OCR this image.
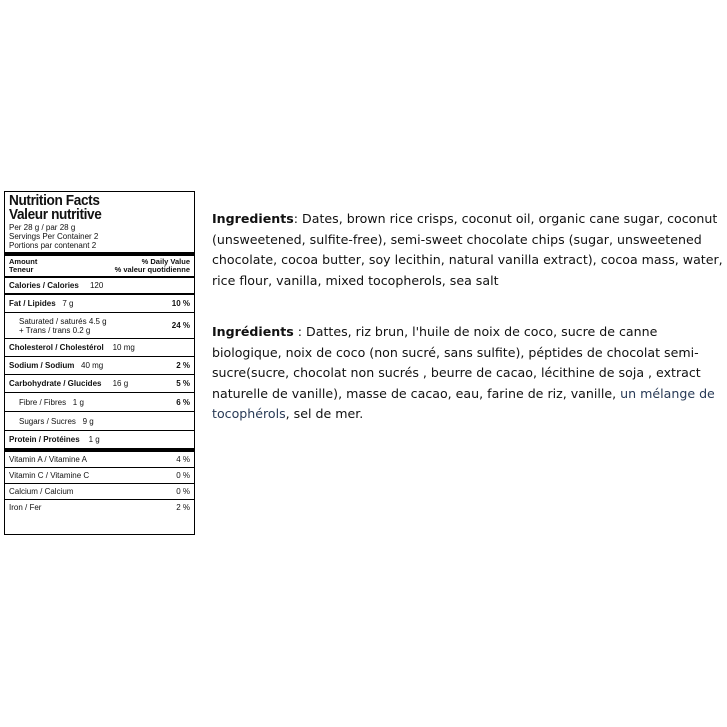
Nutrition Facts
Valeur nutritive
Per 28 g / par 28 g
Servings Per Container 2
Portions par contenant 2
Amount
Teneur
% Daily Value
% valeur quotidienne
Calories / Calories 120
Fat / Lipides 7 g	10 %
Saturated / saturés 4.5 g
+ Trans / trans 0.2 g	24 %
Cholesterol / Cholestérol 10 mg
Sodium / Sodium 40 mg	2 %
Carbohydrate / Glucides 16 g	5 %
Fibre / Fibres 1 g	6 %
Sugars / Sucres 9 g
Protein / Protéines 1 g
Vitamin A / Vitamine A	4 %
Vitamin C / Vitamine C	0 %
Calcium / Calcium	0 %
Iron / Fer	2 %
Ingredients: Dates, brown rice crisps, coconut oil, organic cane sugar, coconut (unsweetened, sulfite-free), semi-sweet chocolate chips (sugar, unsweetened chocolate, cocoa butter, soy lecithin, natural vanilla extract), cocoa mass, water, rice flour, vanilla, mixed tocopherols, sea salt
Ingrédients : Dattes, riz brun, l'huile de noix de coco, sucre de canne biologique, noix de coco (non sucré, sans sulfite), péptides de chocolat semi-sucre(sucre, chocolat non sucrés , beurre de cacao, lécithine de soja , extract naturelle de vanille), masse de cacao, eau, farine de riz, vanille, un mélange de
tocophérols, sel de mer.
